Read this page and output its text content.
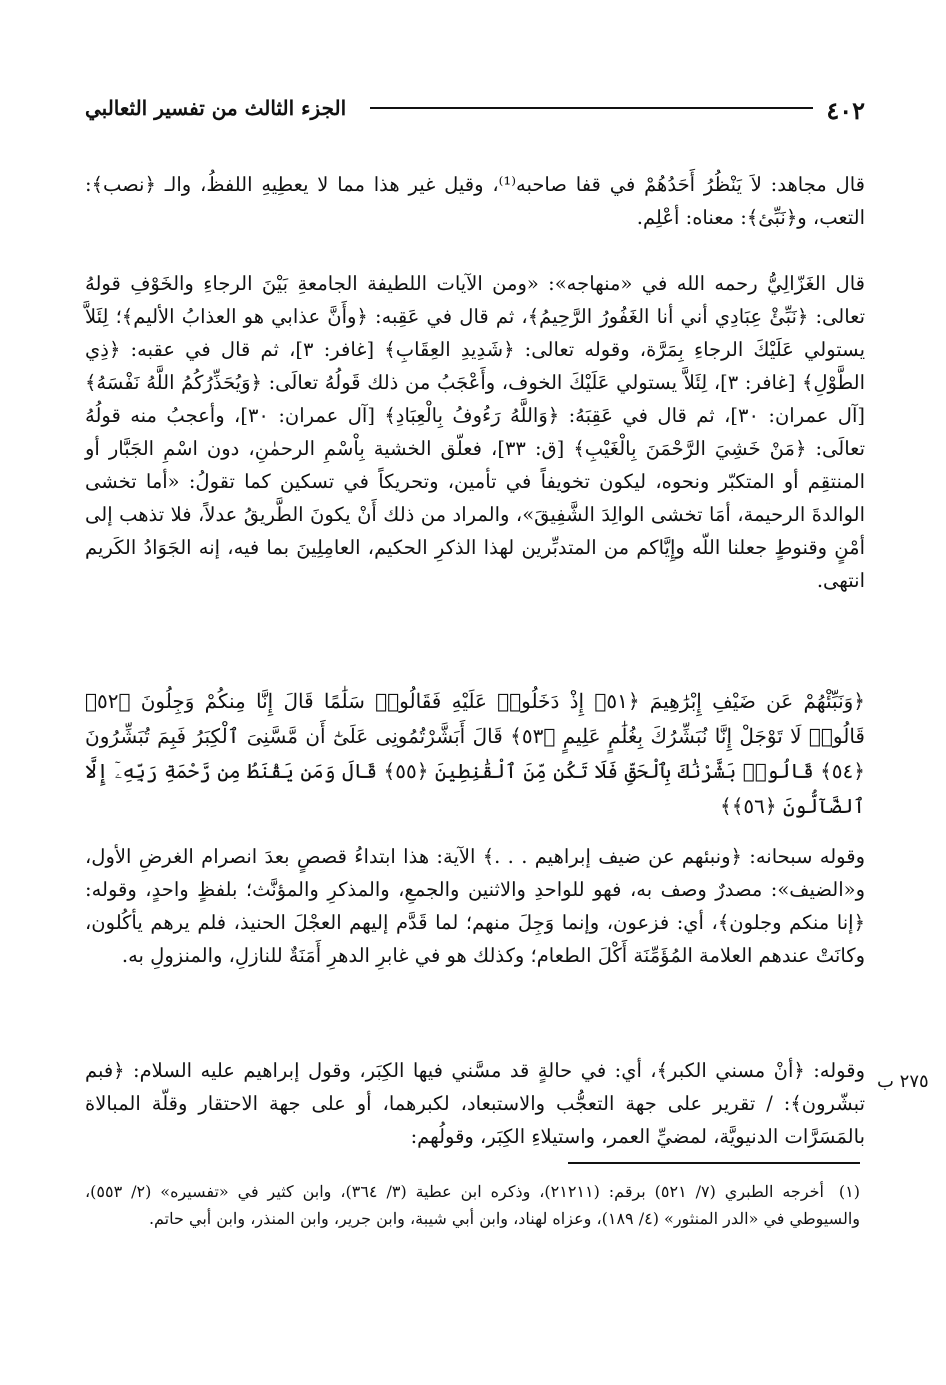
٤٠٢
الجزء الثالث من تفسير الثعالبي

قال مجاهد: لاَ يَنْظُرُ أَحَدُهُمْ في قفا صاحبه⁽¹⁾، وقيل غير هذا مما لا يعطِيهِ اللفظُ، والـ ﴿نصب﴾: التعب، و﴿نَبِّئ﴾: معناه: أعْلِم.

قال الغَزّالِيُّ رحمه الله في «منهاجه»: «ومن الآيات اللطيفة الجامعةِ بَيْنَ الرجاءِ والخَوْفِ قولهُ تعالى: ﴿نَبِّئْ عِبَادِي أني أنا الغَفُورُ الرَّحِيمُ﴾، ثم قال في عَقِبه: ﴿وأَنَّ عذابي هو العذابُ الأليم﴾؛ لِئَلاَّ يستولي عَلَيْكَ الرجاءِ بِمَرَّة، وقوله تعالى: ﴿شَدِيدِ العِقَابِ﴾ [غافر: ٣]، ثم قال في عقبه: ﴿ذِي الطَّوْلِ﴾ [غافر: ٣]، لِئَلاَّ يستولي عَلَيْكَ الخوف، وأَعْجَبُ من ذلك قَولُهُ تعالَى: ﴿وَيُحَذِّرُكُمُ اللَّهُ نَفْسَهُ﴾ [آل عمران: ٣٠]، ثم قال في عَقِبَهُ: ﴿وَاللَّهُ رَءُوفُ بِالْعِبَادِ﴾ [آل عمران: ٣٠]، وأعجبُ منه قولُهُ تعالَى: ﴿مَنْ خَشِيَ الرَّحْمَنَ بِالْغَيْبِ﴾ [ق: ٣٣]، فعلّق الخشية بِاْسْمِ الرحمٰنِ، دون اسْمِ الجَبَّار أو المنتقِم أو المتكبّر ونحوه، ليكون تخويفاً في تأمين، وتحريكاً في تسكين كما تقولُ: «أما تخشى الوالدةَ الرحيمة، أمَا تخشى الوالِدَ الشَّفِيقَ»، والمراد من ذلك أَنْ يكونَ الطَّريقُ عدلاً، فلا تذهب إلى أمْنٍ وقنوطٍ جعلنا اللّه وإِيَّاكم من المتدبِّرين لهذا الذكرِ الحكيم، العامِلِينَ بما فيه، إنه الجَوَادُ الكَريم انتهى.

﴿وَنَبِّئْهُمْ عَن ضَيْفِ إِبْرَٰهِيمَ ﴿٥١﴾ إِذْ دَخَلُوا۟ عَلَيْهِ فَقَالُوا۟ سَلَٰمًا قَالَ إِنَّا مِنكُمْ وَجِلُونَ ﴿٥٢﴾ قَالُوا۟ لَا تَوْجَلْ إِنَّا نُبَشِّرُكَ بِغُلَٰمٍ عَلِيمٍ ﴿٥٣﴾ قَالَ أَبَشَّرْتُمُونِى عَلَىٰٓ أَن مَّسَّنِىَ ٱلْكِبَرُ فَبِمَ تُبَشِّرُونَ ﴿٥٤﴾ قَالُوا۟ بَشَّرْنَٰكَ بِٱلْحَقِّ فَلَا تَكُن مِّنَ ٱلْقَٰنِطِينَ ﴿٥٥﴾ قَالَ وَمَن يَقْنَطُ مِن رَّحْمَةِ رَبِّهِۦٓ إِلَّا ٱلضَّآلُّونَ ﴿٥٦﴾﴾

وقوله سبحانه: ﴿ونبئهم عن ضيف إبراهيم . . .﴾ الآية: هذا ابتداءُ قصصٍ بعدَ انصرام الغرضِ الأول، و«الضيف»: مصدرٌ وصف به، فهو للواحدِ والاثنين والجمعِ، والمذكرِ والمؤنَّث؛ بلفظٍ واحدٍ، وقوله: ﴿إنا منكم وجلون﴾، أي: فزعون، وإنما وَجِلَ منهم؛ لما قَدَّم إليهم العجْلَ الحنيذ، فلم يرهم يأكُلون، وكانَتْ عندهم العلامة المُؤَمِّنَة أَكْلَ الطعام؛ وكذلك هو في غابرِ الدهرِ أَمَنَةٌ للنازلِ، والمنزولِ به.

وقوله: ﴿أنْ مسني الكبر﴾، أي: في حالةٍ قد مسَّني فيها الكِبَر، وقول إبراهيم عليه السلام: ﴿فبم تبشّرون﴾: / تقرير على جهة التعجُّب والاستبعاد، لكبرهما، أو على جهة الاحتقار وقلّة المبالاة بالمَسَرَّات الدنيويَّة، لمضيِّ العمر، واستيلاءِ الكِبَر، وقولُهم:

٢٧٥ ب
(١) أخرجه الطبري (٧/ ٥٢١) برقم: (٢١٢١١)، وذكره ابن عطية (٣/ ٣٦٤)، وابن كثير في «تفسيره» (٢/ ٥٥٣)، والسيوطي في «الدر المنثور» (٤/ ١٨٩)، وعزاه لهناد، وابن أبي شيبة، وابن جرير، وابن المنذر، وابن أبي حاتم.
